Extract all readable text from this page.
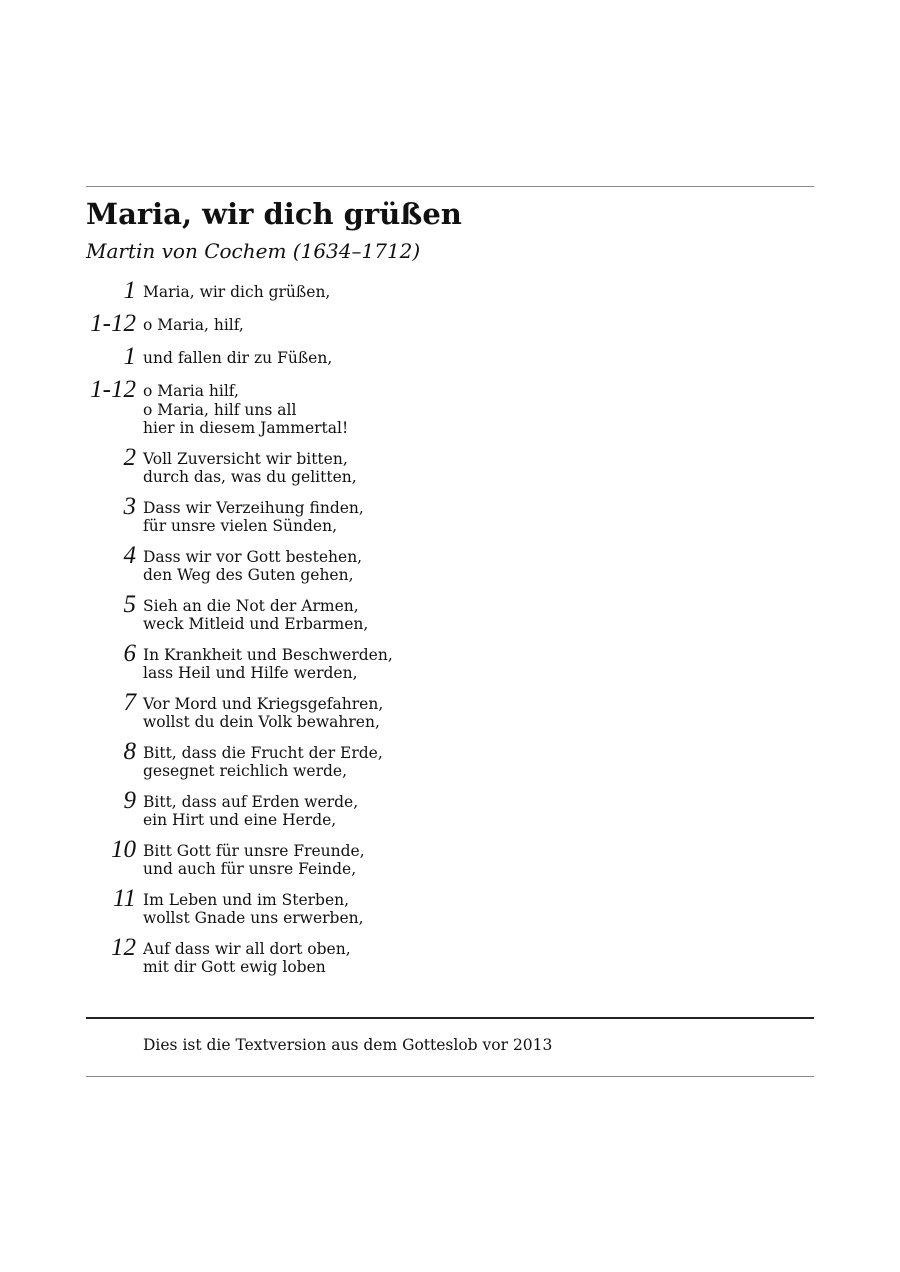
Maria, wir dich grüßen
Martin von Cochem (1634–1712)
1 Maria, wir dich grüßen,
1-12 o Maria, hilf,
1 und fallen dir zu Füßen,
1-12 o Maria hilf,
o Maria, hilf uns all
hier in diesem Jammertal!
2 Voll Zuversicht wir bitten,
durch das, was du gelitten,
3 Dass wir Verzeihung finden,
für unsre vielen Sünden,
4 Dass wir vor Gott bestehen,
den Weg des Guten gehen,
5 Sieh an die Not der Armen,
weck Mitleid und Erbarmen,
6 In Krankheit und Beschwerden,
lass Heil und Hilfe werden,
7 Vor Mord und Kriegsgefahren,
wollst du dein Volk bewahren,
8 Bitt, dass die Frucht der Erde,
gesegnet reichlich werde,
9 Bitt, dass auf Erden werde,
ein Hirt und eine Herde,
10 Bitt Gott für unsre Freunde,
und auch für unsre Feinde,
11 Im Leben und im Sterben,
wollst Gnade uns erwerben,
12 Auf dass wir all dort oben,
mit dir Gott ewig loben
Dies ist die Textversion aus dem Gotteslob vor 2013
